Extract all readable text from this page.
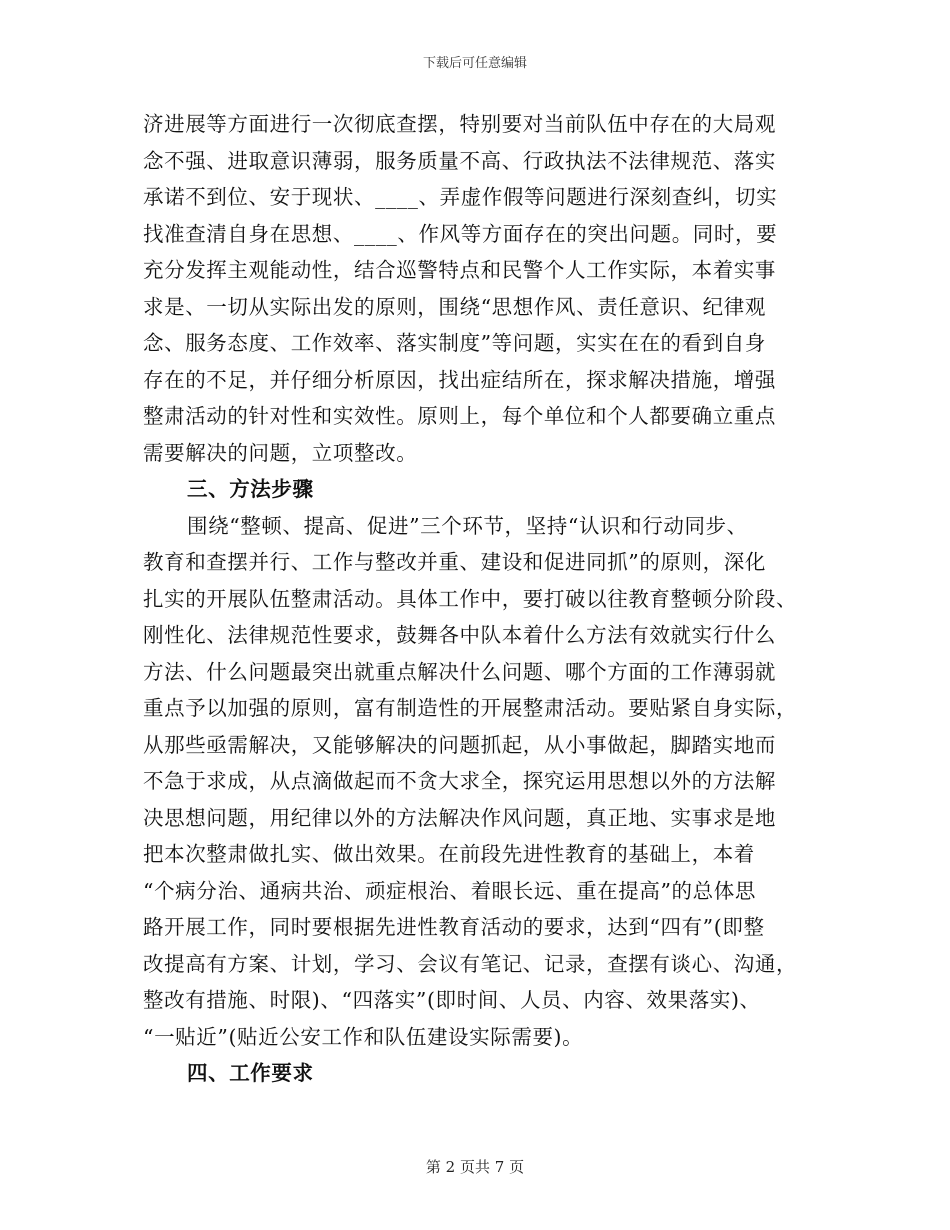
下载后可任意编辑
济进展等方面进行一次彻底查摆，特别要对当前队伍中存在的大局观
念不强、进取意识薄弱，服务质量不高、行政执法不法律规范、落实
承诺不到位、安于现状、____、弄虚作假等问题进行深刻查纠，切实
找准查清自身在思想、____、作风等方面存在的突出问题。同时，要
充分发挥主观能动性，结合巡警特点和民警个人工作实际，本着实事
求是、一切从实际出发的原则，围绕“思想作风、责任意识、纪律观
念、服务态度、工作效率、落实制度”等问题，实实在在的看到自身
存在的不足，并仔细分析原因，找出症结所在，探求解决措施，增强
整肃活动的针对性和实效性。原则上，每个单位和个人都要确立重点
需要解决的问题，立项整改。
三、方法步骤
围绕“整顿、提高、促进”三个环节，坚持“认识和行动同步、
教育和查摆并行、工作与整改并重、建设和促进同抓”的原则，深化
扎实的开展队伍整肃活动。具体工作中，要打破以往教育整顿分阶段、
刚性化、法律规范性要求，鼓舞各中队本着什么方法有效就实行什么
方法、什么问题最突出就重点解决什么问题、哪个方面的工作薄弱就
重点予以加强的原则，富有制造性的开展整肃活动。要贴紧自身实际，
从那些亟需解决，又能够解决的问题抓起，从小事做起，脚踏实地而
不急于求成，从点滴做起而不贪大求全，探究运用思想以外的方法解
决思想问题，用纪律以外的方法解决作风问题，真正地、实事求是地
把本次整肃做扎实、做出效果。在前段先进性教育的基础上，本着
“个病分治、通病共治、顽症根治、着眼长远、重在提高”的总体思
路开展工作，同时要根据先进性教育活动的要求，达到“四有”(即整
改提高有方案、计划，学习、会议有笔记、记录，查摆有谈心、沟通，
整改有措施、时限)、“四落实”(即时间、人员、内容、效果落实)、
“一贴近”(贴近公安工作和队伍建设实际需要)。
四、工作要求
第 2 页共 7 页
